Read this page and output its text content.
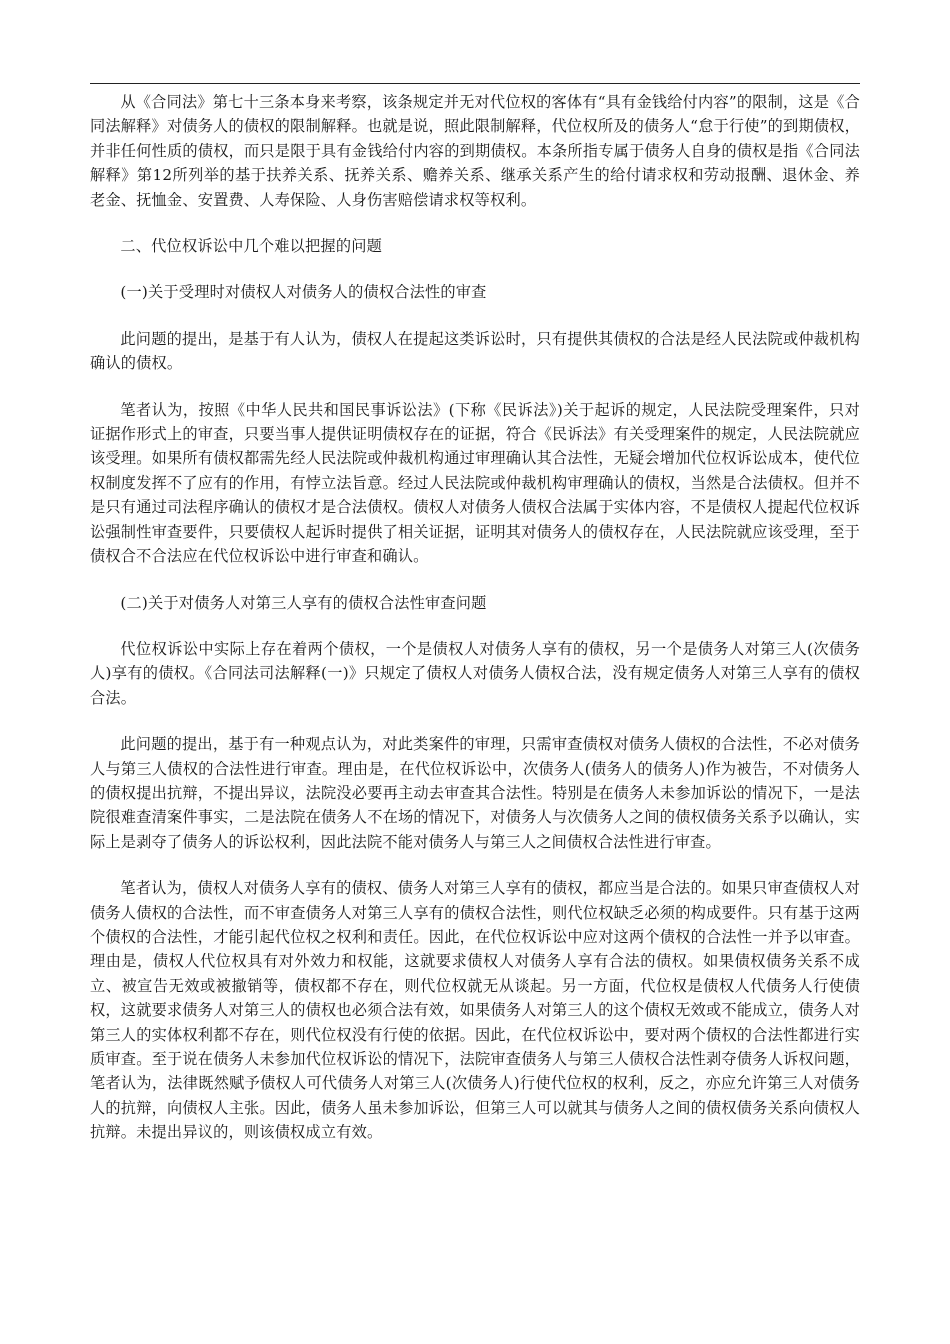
从《合同法》第七十三条本身来考察，该条规定并无对代位权的客体有“具有金钱给付内容”的限制，这是《合同法解释》对债务人的债权的限制解释。也就是说，照此限制解释，代位权所及的债务人“怠于行使”的到期债权，并非任何性质的债权，而只是限于具有金钱给付内容的到期债权。本条所指专属于债务人自身的债权是指《合同法解释》第12所列举的基于扶养关系、抚养关系、赡养关系、继承关系产生的给付请求权和劳动报酬、退休金、养老金、抚恤金、安置费、人寿保险、人身伤害赔偿请求权等权利。

二、代位权诉讼中几个难以把握的问题

(一)关于受理时对债权人对债务人的债权合法性的审查

此问题的提出，是基于有人认为，债权人在提起这类诉讼时，只有提供其债权的合法是经人民法院或仲裁机构确认的债权。

笔者认为，按照《中华人民共和国民事诉讼法》(下称《民诉法》)关于起诉的规定，人民法院受理案件，只对证据作形式上的审查，只要当事人提供证明债权存在的证据，符合《民诉法》有关受理案件的规定，人民法院就应该受理。如果所有债权都需先经人民法院或仲裁机构通过审理确认其合法性，无疑会增加代位权诉讼成本，使代位权制度发挥不了应有的作用，有悖立法旨意。经过人民法院或仲裁机构审理确认的债权，当然是合法债权。但并不是只有通过司法程序确认的债权才是合法债权。债权人对债务人债权合法属于实体内容，不是债权人提起代位权诉讼强制性审查要件，只要债权人起诉时提供了相关证据，证明其对债务人的债权存在，人民法院就应该受理，至于债权合不合法应在代位权诉讼中进行审查和确认。

(二)关于对债务人对第三人享有的债权合法性审查问题

代位权诉讼中实际上存在着两个债权，一个是债权人对债务人享有的债权，另一个是债务人对第三人(次债务人)享有的债权。《合同法司法解释(一)》只规定了债权人对债务人债权合法，没有规定债务人对第三人享有的债权合法。

此问题的提出，基于有一种观点认为，对此类案件的审理，只需审查债权对债务人债权的合法性，不必对债务人与第三人债权的合法性进行审查。理由是，在代位权诉讼中，次债务人(债务人的债务人)作为被告，不对债务人的债权提出抗辩，不提出异议，法院没必要再主动去审查其合法性。特别是在债务人未参加诉讼的情况下，一是法院很难查清案件事实，二是法院在债务人不在场的情况下，对债务人与次债务人之间的债权债务关系予以确认，实际上是剥夺了债务人的诉讼权利，因此法院不能对债务人与第三人之间债权合法性进行审查。

笔者认为，债权人对债务人享有的债权、债务人对第三人享有的债权，都应当是合法的。如果只审查债权人对债务人债权的合法性，而不审查债务人对第三人享有的债权合法性，则代位权缺乏必须的构成要件。只有基于这两个债权的合法性，才能引起代位权之权利和责任。因此，在代位权诉讼中应对这两个债权的合法性一并予以审查。理由是，债权人代位权具有对外效力和权能，这就要求债权人对债务人享有合法的债权。如果债权债务关系不成立、被宣告无效或被撤销等，债权都不存在，则代位权就无从谈起。另一方面，代位权是债权人代债务人行使债权，这就要求债务人对第三人的债权也必须合法有效，如果债务人对第三人的这个债权无效或不能成立，债务人对第三人的实体权利都不存在，则代位权没有行使的依据。因此，在代位权诉讼中，要对两个债权的合法性都进行实质审查。至于说在债务人未参加代位权诉讼的情况下，法院审查债务人与第三人债权合法性剥夺债务人诉权问题，笔者认为，法律既然赋予债权人可代债务人对第三人(次债务人)行使代位权的权利，反之，亦应允许第三人对债务人的抗辩，向债权人主张。因此，债务人虽未参加诉讼，但第三人可以就其与债务人之间的债权债务关系向债权人抗辩。未提出异议的，则该债权成立有效。
